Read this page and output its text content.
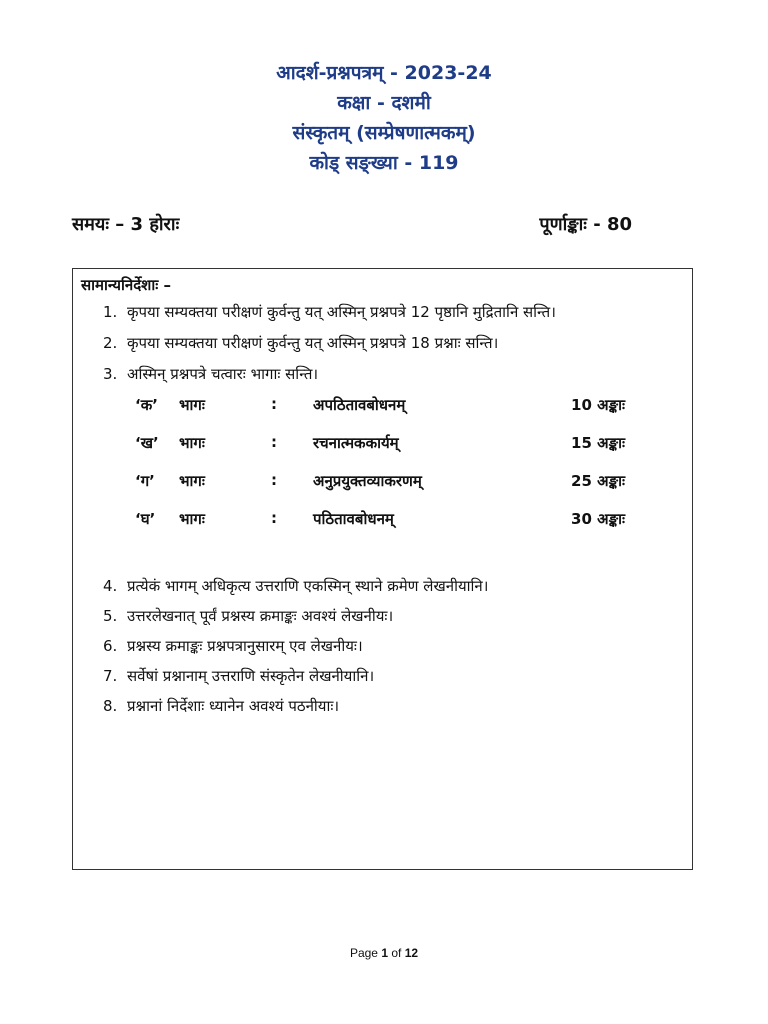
आदर्श-प्रश्नपत्रम् - 2023-24
कक्षा - दशमी
संस्कृतम् (सम्प्रेषणात्मकम्)
कोड् सङ्ख्या - 119
समयः – 3 होराः	पूर्णाङ्काः - 80
सामान्यनिर्देशाः –
1. कृपया सम्यक्तया परीक्षणं कुर्वन्तु यत् अस्मिन् प्रश्नपत्रे 12 पृष्ठानि मुद्रितानि सन्ति।
2. कृपया सम्यक्तया परीक्षणं कुर्वन्तु यत् अस्मिन् प्रश्नपत्रे 18 प्रश्नाः सन्ति।
3. अस्मिन् प्रश्नपत्रे चत्वारः भागाः सन्ति।
‘क’ भागः	: अपठितावबोधनम्	10 अङ्काः
‘ख’ भागः	: रचनात्मककार्यम्	15 अङ्काः
‘ग’ भागः	: अनुप्रयुक्तव्याकरणम्	25 अङ्काः
‘घ’ भागः	: पठितावबोधनम्	30 अङ्काः
4. प्रत्येकं भागम् अधिकृत्य उत्तराणि एकस्मिन् स्थाने क्रमेण लेखनीयानि।
5. उत्तरलेखनात् पूर्वं प्रश्नस्य क्रमाङ्कः अवश्यं लेखनीयः।
6. प्रश्नस्य क्रमाङ्कः प्रश्नपत्रानुसारम् एव लेखनीयः।
7. सर्वेषां प्रश्नानाम् उत्तराणि संस्कृतेन लेखनीयानि।
8. प्रश्नानां निर्देशाः ध्यानेन अवश्यं पठनीयाः।
Page 1 of 12
